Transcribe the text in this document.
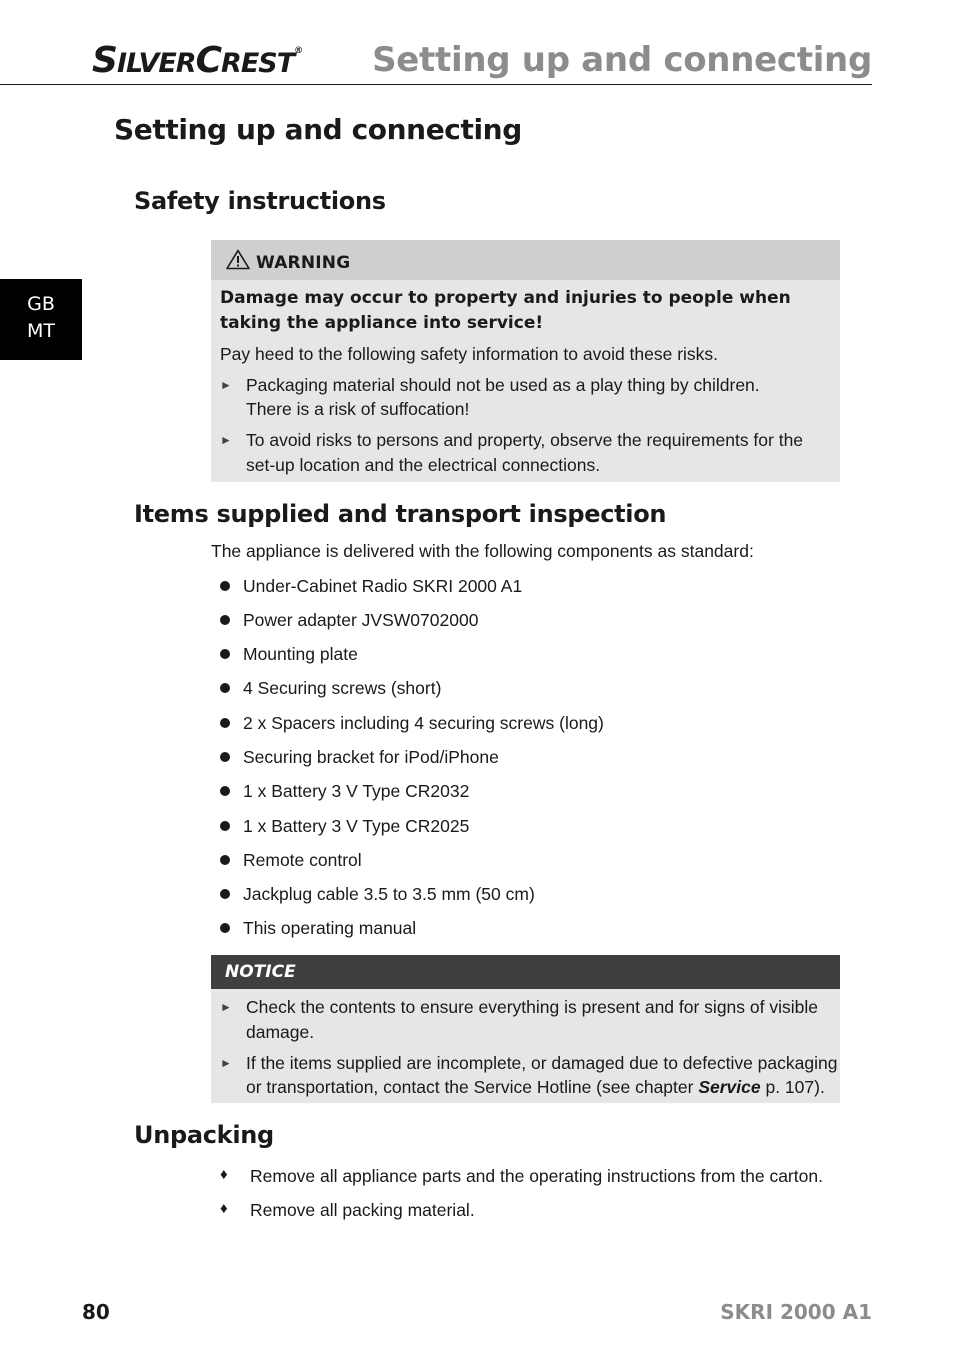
SILVERCREST® Setting up and connecting
GB
MT
Setting up and connecting
Safety instructions
WARNING
Damage may occur to property and injuries to people when
taking the appliance into service!
Pay heed to the following safety information to avoid these risks.
► Packaging material should not be used as a play thing by children.
There is a risk of suffocation!
► To avoid risks to persons and property, observe the requirements for the
set-up location and the electrical connections.
Items supplied and transport inspection
The appliance is delivered with the following components as standard:
Under-Cabinet Radio SKRI 2000 A1
Power adapter JVSW0702000
Mounting plate
4 Securing screws (short)
2 x Spacers including 4 securing screws (long)
Securing bracket for iPod/iPhone
1 x Battery 3 V Type CR2032
1 x Battery 3 V Type CR2025
Remote control
Jackplug cable 3.5 to 3.5 mm (50 cm)
This operating manual
NOTICE
► Check the contents to ensure everything is present and for signs of visible
damage.
► If the items supplied are incomplete, or damaged due to defective packaging
or transportation, contact the Service Hotline (see chapter Service p. 107).
Unpacking
♦ Remove all appliance parts and the operating instructions from the carton.
♦ Remove all packing material.
80	SKRI 2000 A1
